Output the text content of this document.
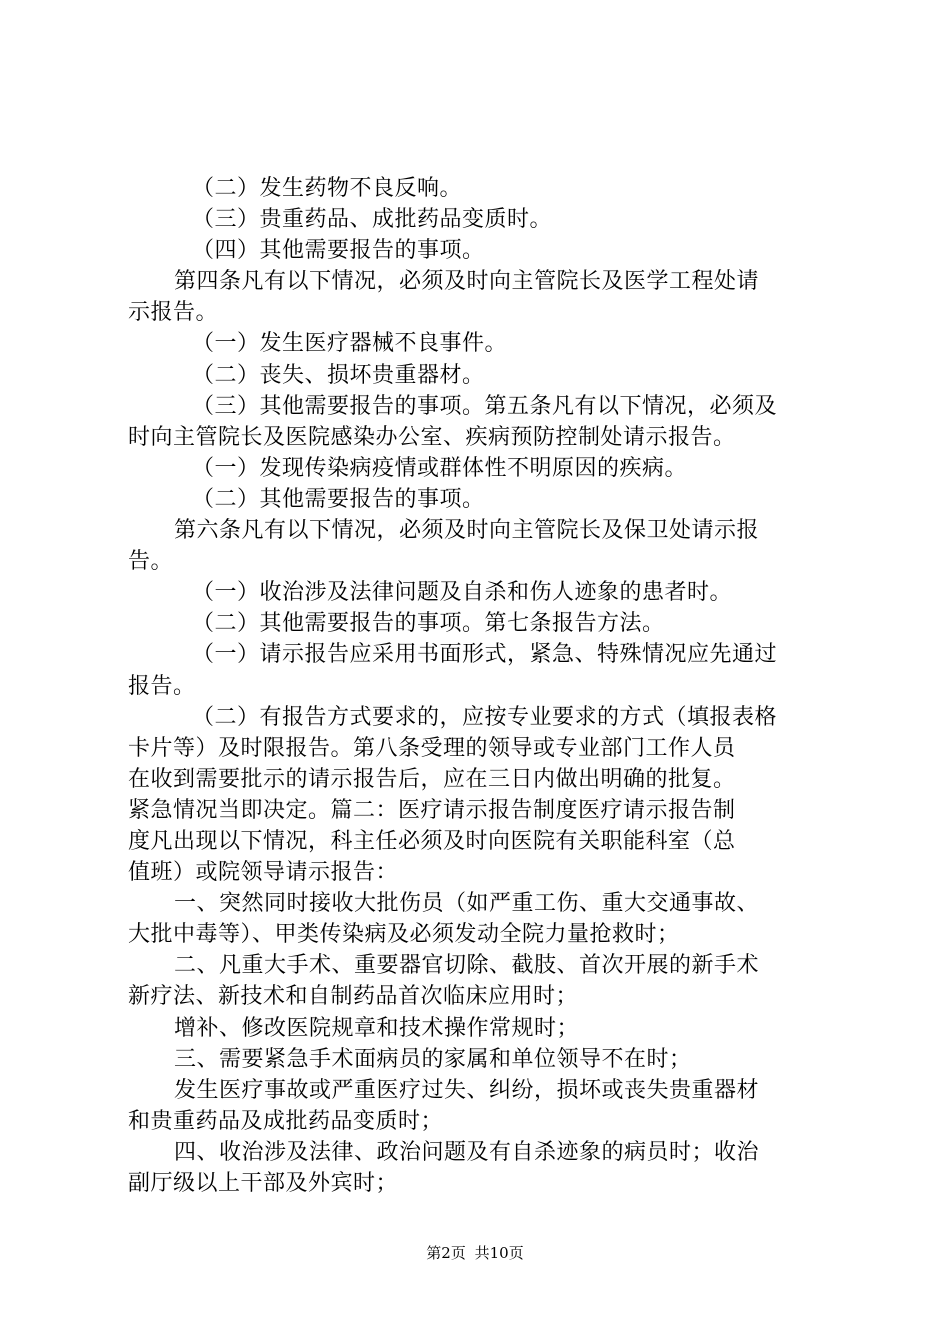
（二）发生药物不良反响。
（三）贵重药品、成批药品变质时。
（四）其他需要报告的事项。
第四条凡有以下情况，必须及时向主管院长及医学工程处请
示报告。
（一）发生医疗器械不良事件。
（二）丧失、损坏贵重器材。
（三）其他需要报告的事项。第五条凡有以下情况，必须及
时向主管院长及医院感染办公室、疾病预防控制处请示报告。
（一）发现传染病疫情或群体性不明原因的疾病。
（二）其他需要报告的事项。
第六条凡有以下情况，必须及时向主管院长及保卫处请示报
告。
（一）收治涉及法律问题及自杀和伤人迹象的患者时。
（二）其他需要报告的事项。第七条报告方法。
（一）请示报告应采用书面形式，紧急、特殊情况应先通过
报告。
（二）有报告方式要求的，应按专业要求的方式（填报表格
卡片等）及时限报告。第八条受理的领导或专业部门工作人员
在收到需要批示的请示报告后，应在三日内做出明确的批复。
紧急情况当即决定。篇二：医疗请示报告制度医疗请示报告制
度凡出现以下情况，科主任必须及时向医院有关职能科室（总
值班）或院领导请示报告：
一、突然同时接收大批伤员（如严重工伤、重大交通事故、
大批中毒等）、甲类传染病及必须发动全院力量抢救时；
二、凡重大手术、重要器官切除、截肢、首次开展的新手术
新疗法、新技术和自制药品首次临床应用时；
增补、修改医院规章和技术操作常规时；
三、需要紧急手术面病员的家属和单位领导不在时；
发生医疗事故或严重医疗过失、纠纷，损坏或丧失贵重器材
和贵重药品及成批药品变质时；
四、收治涉及法律、政治问题及有自杀迹象的病员时；收治
副厅级以上干部及外宾时；
第2页 共10页
